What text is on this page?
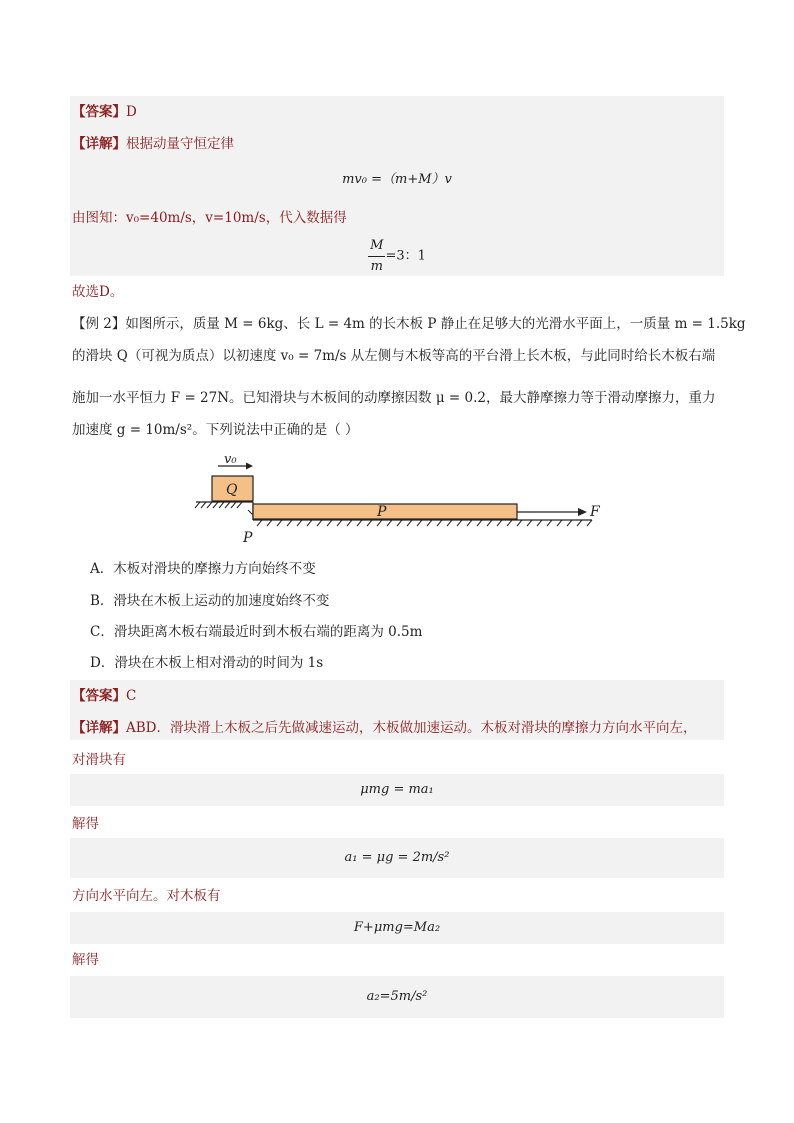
【答案】D
【详解】根据动量守恒定律
mv₀ =（m+M）v
由图知：v₀=40m/s，v=10m/s，代入数据得
$\frac{M}{m} =3$：1
故选D。
【例 2】如图所示，质量 M = 6kg、长 L = 4m 的长木板 P 静止在足够大的光滑水平面上，一质量 m = 1.5kg
的滑块 Q（可视为质点）以初速度 v₀ = 7m/s 从左侧与木板等高的平台滑上长木板，与此同时给长木板右端
施加一水平恒力 F = 27N。已知滑块与木板间的动摩擦因数 μ = 0.2，最大静摩擦力等于滑动摩擦力，重力
加速度 g = 10m/s²。下列说法中正确的是（ ）
v₀
Q
P	F
P
A．木板对滑块的摩擦力方向始终不变
B．滑块在木板上运动的加速度始终不变
C．滑块距离木板右端最近时到木板右端的距离为 0.5m
D．滑块在木板上相对滑动的时间为 1s
【答案】C
【详解】ABD．滑块滑上木板之后先做减速运动，木板做加速运动。木板对滑块的摩擦力方向水平向左，
对滑块有
μmg = ma₁
解得
a₁ = μg = 2m/s²
方向水平向左。对木板有
F+μmg=Ma₂
解得
a₂=5m/s²
